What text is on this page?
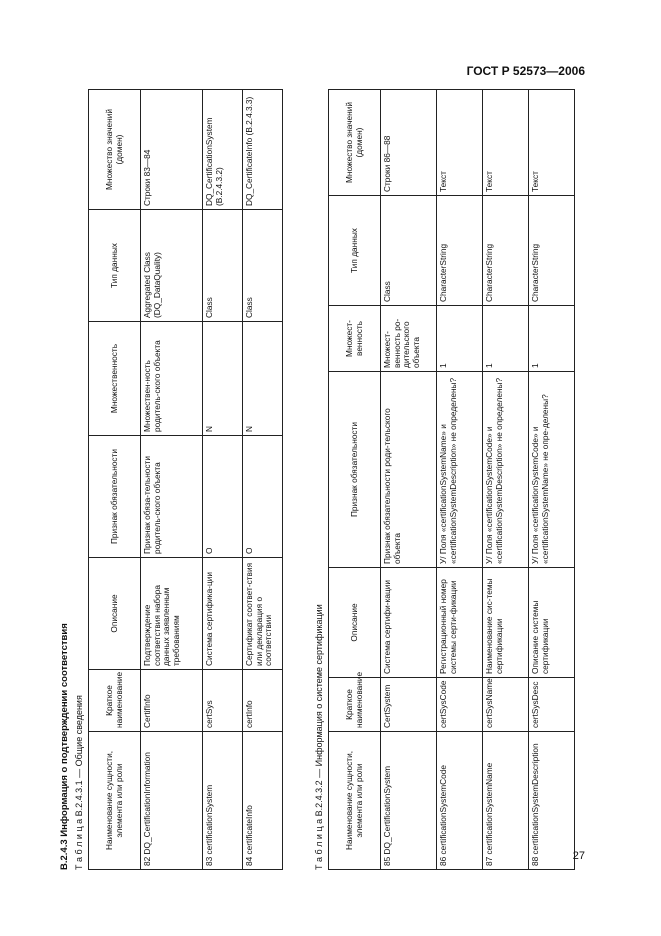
ГОСТ Р 52573—2006
B.2.4.3 Информация о подтверждении соответствия Т а б л и ц а B.2.4.3.1 — Общие сведения Наименование сущности, элемента или роли	Краткое наименование	Описание	Признак обязательности	Множественность	Тип данных	Множество значений (домен)
82 DQ_CertificationInformation	CertifInfo	Подтверждение соответствия набора данных заявленным требованиям	Признак обяза-тельности родитель-ского объекта	Множествен-ность родитель-ского объекта	Aggregated Class (DQ_DataQuality)	Строки 83—84
83 certificationSystem	certSys	Система сертифика-ции	O	N	Class	DQ_CertificationSystem (B.2.4.3.2)
84 certificateInfo	certInfo	Сертификат соответ-ствия или декларация о соответствии	O	N	Class	DQ_CertificateInfo (B.2.4.3.3)
Т а б л и ц а B.2.4.3.2 — Информация о системе сертификации Наименование сущности, элемента или роли	Краткое наименование	Описание	Признак обязательности	Множест-венность	Тип данных	Множество значений (домен)
85 DQ_CertificationSystem	CertSystem	Система сертифи-кации	Признак обязательности роди-тельского объекта	Множест-венность ро-дительского объекта	Class	Строки 86—88
86 certificationSystemCode	certSysCode	Регистрационный номер системы серти-фикации	У/ Поля «certificationSystemName» и «certificationSystemDescription» не определены?	1	CharacterString	Текст
87 certificationSystemName	certSysName	Наименование сис-темы сертификации	У/ Поля «certificationSystemCode» и «certificationSystemDescription» не определены?	1	CharacterString	Текст
88 certificationSystemDescription	certSysDesc	Описание системы сертификации	У/ Поля «certificationSystemCode» и «certificationSystemName» не опре-делены?	1	CharacterString	Текст
27
